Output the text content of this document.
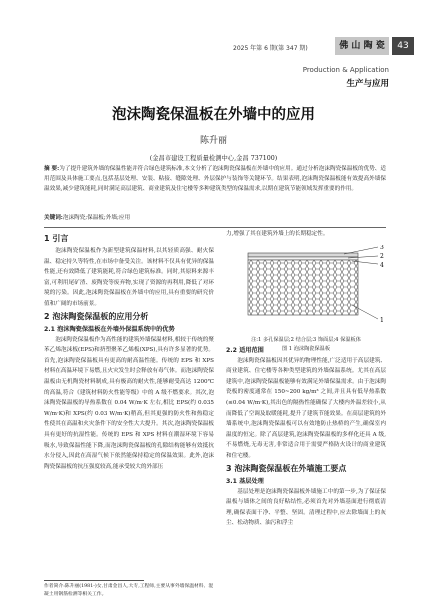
2025 年第 6 期(第 347 期)	佛 山 陶 瓷	43
Production & Application
生产与应用
泡沫陶瓷保温板在外墙中的应用
陈升丽
(金昌市建设工程质量检测中心,金昌 737100)
摘 要:为了提升建筑外墙的保温性能并符合绿色建筑标准,本文分析了泡沫陶瓷保温板在外墙中的应用。通过分析泡沫陶瓷保温板的优势、适用范围及具体施工要点,包括基层处理、安装、粘接、缝隙处理、外层保护与装饰等关键环节。结果表明,泡沫陶瓷保温板能有效提高外墙保温效果,减少建筑能耗,同时满足高层建筑、商业建筑及住宅楼等多种建筑类型的保温需求,以期在建筑节能领域发挥重要的作用。
关键词:泡沫陶瓷;保温板;外墙;应用

1 引言

泡沫陶瓷保温板作为新型建筑保温材料,以其轻质高强、耐火保温、稳定持久等特性,在市场中备受关注。该材料不仅具有优异的保温性能,还有效降低了建筑能耗,符合绿色建筑标准。同时,其原料来源丰富,可利用尾矿渣、废陶瓷等废弃物,实现了资源的再利用,降低了对环境的污染。因此,泡沫陶瓷保温板在外墙中的应用,具有重要的研究价值和广阔的市场前景。

2 泡沫陶瓷保温板的应用分析

2.1 泡沫陶瓷保温板在外墙外保温系统中的优势

泡沫陶瓷保温板作为高性能的建筑外墙保温材料,相较于传统的聚苯乙烯泡沫板(EPS)和挤塑聚苯乙烯板(XPS),具有许多显著的优势。首先,泡沫陶瓷保温板具有更高的耐高温性能。传统的 EPS 和 XPS 材料在高温环境下易燃,且火灾发生时会释放有毒气体。而泡沫陶瓷保温板由无机陶瓷材料制成,具有极高的耐火性,能够耐受高达 1200℃的高温,符合《建筑材料防火性能等级》中的 A 级不燃要求。其次,泡沫陶瓷保温板的导热系数在 0.04 W/m·K 左右,相比 EPS(约 0.035 W/m·K)和 XPS(约 0.03 W/m·K)稍高,但其更强的防火性和热稳定性使其在高温和火灾条件下的安全性大大提升。其次,泡沫陶瓷保温板具有更好的抗湿性能。传统的 EPS 和 XPS 材料在潮湿环境下容易吸水,导致保温性能下降,而泡沫陶瓷保温板的孔隙结构能够有效抵抗水分侵入,因此在高湿气候下依然能保持稳定的保温效果。此外,泡沫陶瓷保温板的抗压强度较高,能承受较大的外部压

力,增强了其在建筑外墙上的长期稳定性。

2.2 适用范围

泡沫陶瓷保温板因其优异的物理性能,广泛适用于高层建筑、商业建筑、住宅楼等各种类型建筑的外墙保温系统。尤其在高层建筑中,泡沫陶瓷保温板能够有效满足外墙保温需求。由于泡沫陶瓷板的密度通常在 150~200 kg/m³ 之间,并且具有低导热系数(≤0.04 W/m·K),其出色的隔热性能确保了大楼内外温差较小,从而降低了空调及取暖能耗,提升了建筑节能效果。在高层建筑的外墙系统中,泡沫陶瓷保温板可以有效地防止热桥的产生,确保室内温度的恒定。除了高层建筑,泡沫陶瓷保温板的多样化还具 A 级,不易燃烧,无毒无害,非常适合用于需要严格防火设计的商业建筑和住宅楼。

3 泡沫陶瓷保温板在外墙施工要点

3.1 基层处理

基层处理是泡沫陶瓷保温板外墙施工中的第一步,为了保证保温板与墙体之间的良好粘结性,必须首先对外墙基面进行彻底清理,确保表面干净、平整、坚固。清理过程中,应去除墙面上的灰尘、松动物质、油污和浮尘

3
2
4
1
注:1 多孔保温层;2 结合层;3 饰面层;4 保温板体
图 1 泡沫陶瓷保温板
作者简介:陈升丽(1981-)女,甘肃金昌人,大专,工程师,主要从事外墙保温材料、混凝土用钢筋检测等相关工作。
